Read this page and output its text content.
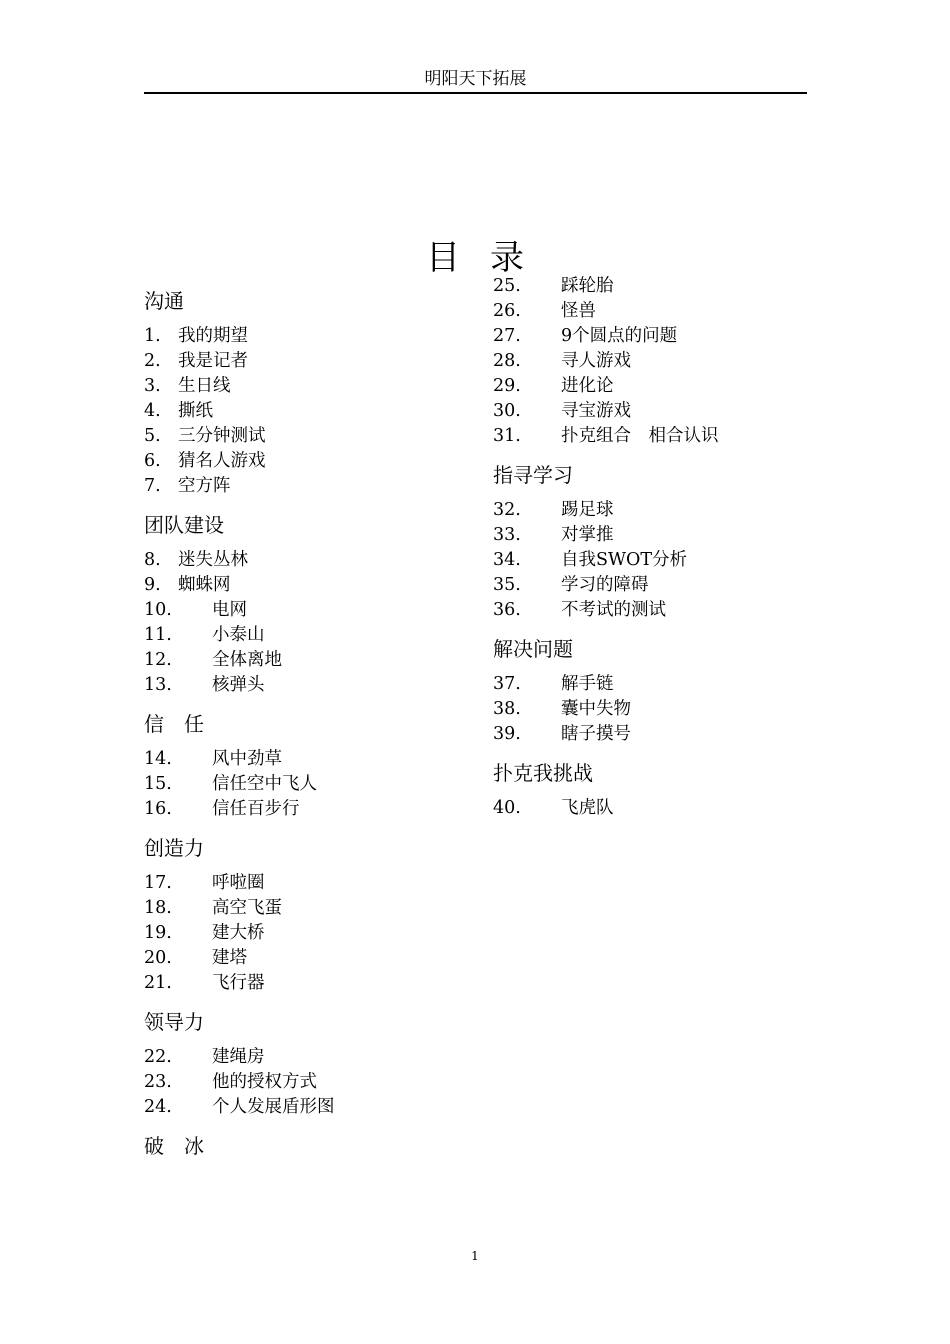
明阳天下拓展
目录
沟通
1. 我的期望
2. 我是记者
3. 生日线
4. 撕纸
5. 三分钟测试
6. 猜名人游戏
7. 空方阵
团队建设
8. 迷失丛林
9. 蜘蛛网
10. 电网
11. 小泰山
12. 全体离地
13. 核弹头
信　任
14. 风中劲草
15. 信任空中飞人
16. 信任百步行
创造力
17. 呼啦圈
18. 高空飞蛋
19. 建大桥
20. 建塔
21. 飞行器
领导力
22. 建绳房
23. 他的授权方式
24. 个人发展盾形图
破　冰
25. 踩轮胎
26. 怪兽
27. 9个圆点的问题
28. 寻人游戏
29. 进化论
30. 寻宝游戏
31. 扑克组合　相合认识
指寻学习
32. 踢足球
33. 对掌推
34. 自我SWOT分析
35. 学习的障碍
36. 不考试的测试
解决问题
37. 解手链
38. 囊中失物
39. 瞎子摸号
扑克我挑战
40. 飞虎队
1
